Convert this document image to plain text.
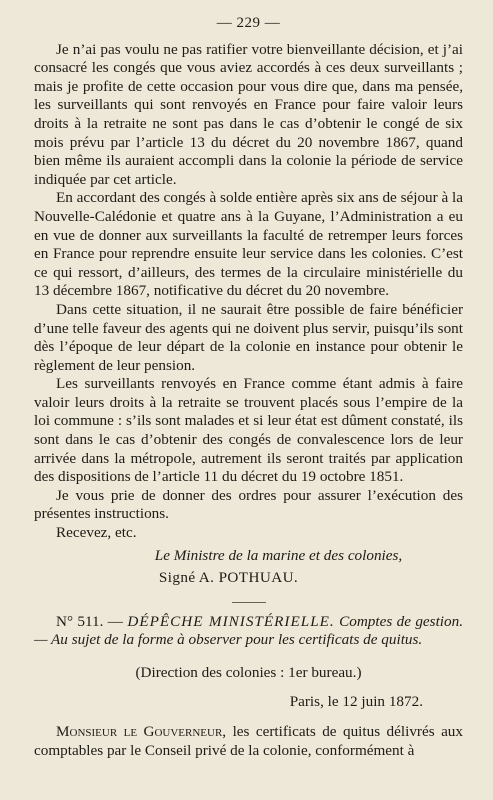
— 229 —

Je n’ai pas voulu ne pas ratifier votre bienveillante décision, et j’ai consacré les congés que vous aviez accordés à ces deux surveillants ; mais je profite de cette occasion pour vous dire que, dans ma pensée, les surveillants qui sont renvoyés en France pour faire valoir leurs droits à la retraite ne sont pas dans le cas d’obtenir le congé de six mois prévu par l’article 13 du décret du 20 novembre 1867, quand bien même ils auraient accompli dans la colonie la période de service indiquée par cet article.

En accordant des congés à solde entière après six ans de séjour à la Nouvelle-Calédonie et quatre ans à la Guyane, l’Administration a eu en vue de donner aux surveillants la faculté de retremper leurs forces en France pour reprendre ensuite leur service dans les colonies. C’est ce qui ressort, d’ailleurs, des termes de la circulaire ministérielle du 13 décembre 1867, notificative du décret du 20 novembre.

Dans cette situation, il ne saurait être possible de faire bénéficier d’une telle faveur des agents qui ne doivent plus servir, puisqu’ils sont dès l’époque de leur départ de la colonie en instance pour obtenir le règlement de leur pension.

Les surveillants renvoyés en France comme étant admis à faire valoir leurs droits à la retraite se trouvent placés sous l’empire de la loi commune : s’ils sont malades et si leur état est dûment constaté, ils sont dans le cas d’obtenir des congés de convalescence lors de leur arrivée dans la métropole, autrement ils seront traités par application des dispositions de l’article 11 du décret du 19 octobre 1851.

Je vous prie de donner des ordres pour assurer l’exécution des présentes instructions.

Recevez, etc.

Le Ministre de la marine et des colonies,
Signé A. POTHUAU.
N° 511. — DÉPÊCHE MINISTÉRIELLE. Comptes de gestion. — Au sujet de la forme à observer pour les certificats de quitus.
(Direction des colonies : 1er bureau.)
Paris, le 12 juin 1872.

Monsieur le Gouverneur, les certificats de quitus délivrés aux comptables par le Conseil privé de la colonie, conformément à
